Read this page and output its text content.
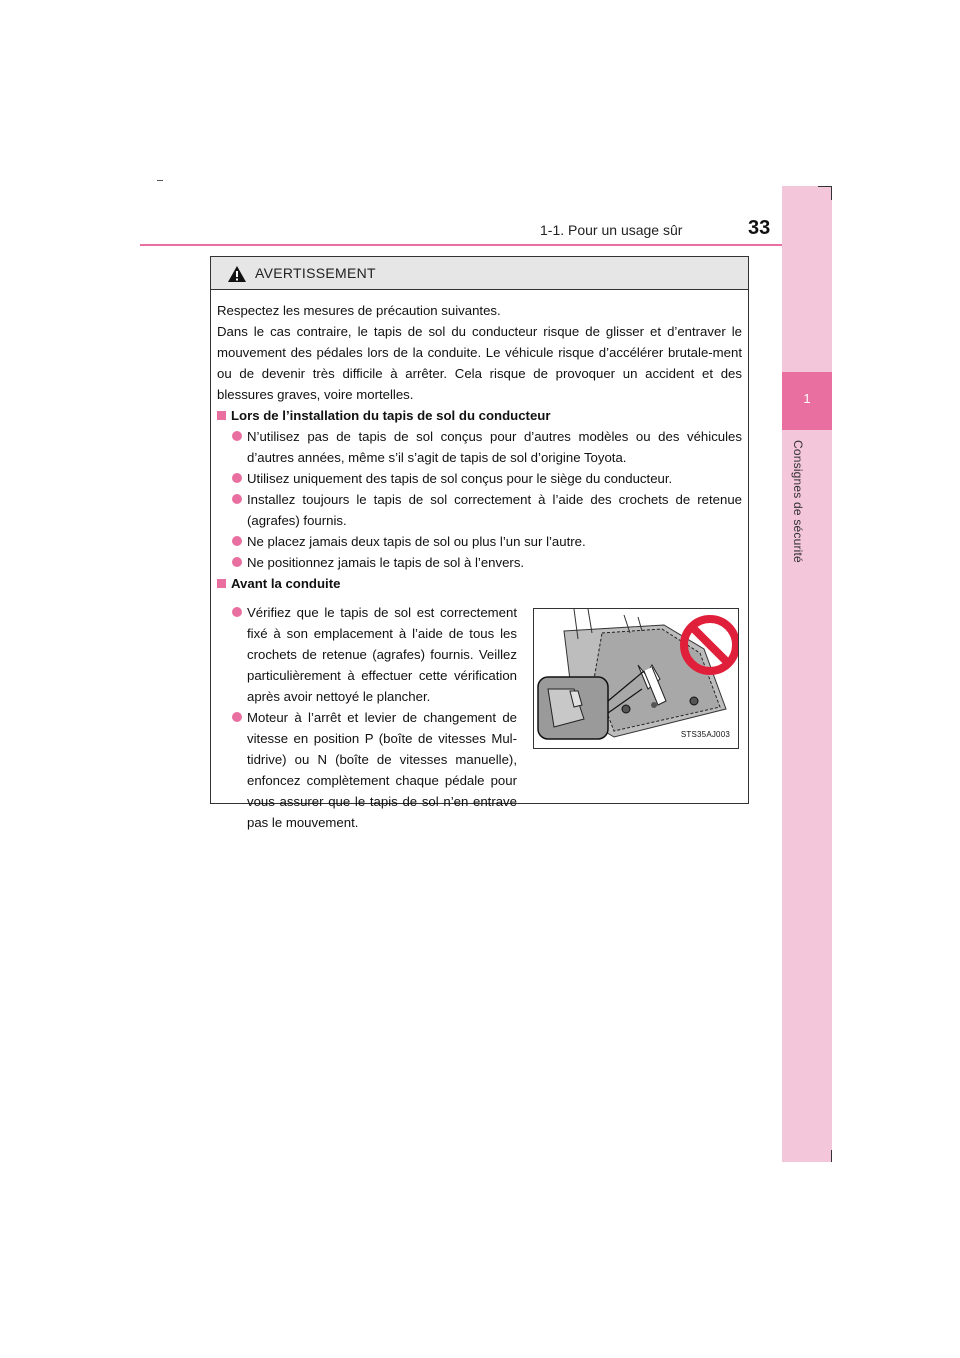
1-1. Pour un usage sûr	33
1
Consignes de sécurité
AVERTISSEMENT

Respectez les mesures de précaution suivantes.

Dans le cas contraire, le tapis de sol du conducteur risque de glisser et d’entraver le mouvement des pédales lors de la conduite. Le véhicule risque d’accélérer brutale-ment ou de devenir très difficile à arrêter. Cela risque de provoquer un accident et des blessures graves, voire mortelles.

Lors de l’installation du tapis de sol du conducteur

N’utilisez pas de tapis de sol conçus pour d’autres modèles ou des véhicules d’autres années, même s’il s’agit de tapis de sol d’origine Toyota.

Utilisez uniquement des tapis de sol conçus pour le siège du conducteur.

Installez toujours le tapis de sol correctement à l’aide des crochets de retenue (agrafes) fournis.

Ne placez jamais deux tapis de sol ou plus l’un sur l’autre.

Ne positionnez jamais le tapis de sol à l’envers.

Avant la conduite

Vérifiez que le tapis de sol est correctement fixé à son emplacement à l’aide de tous les crochets de retenue (agrafes) fournis. Veillez particulièrement à effectuer cette vérification après avoir nettoyé le plancher.

Moteur à l’arrêt et levier de changement de vitesse en position P (boîte de vitesses Mul-tidrive) ou N (boîte de vitesses manuelle), enfoncez complètement chaque pédale pour vous assurer que le tapis de sol n’en entrave pas le mouvement.

STS35AJ003
